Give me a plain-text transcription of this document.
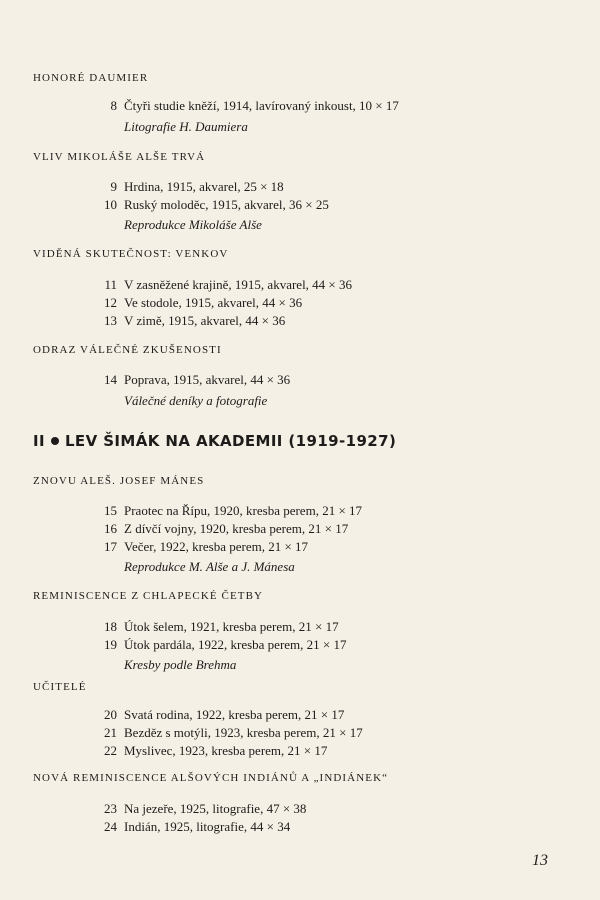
HONORÉ DAUMIER
8 Čtyři studie kněží, 1914, lavírovaný inkoust, 10 × 17
Litografie H. Daumiera
VLIV MIKOLÁŠE ALŠE TRVÁ
9 Hrdina, 1915, akvarel, 25 × 18
10 Ruský moloděc, 1915, akvarel, 36 × 25
Reprodukce Mikoláše Alše
VIDĚNÁ SKUTEČNOST: VENKOV
11 V zasněžené krajině, 1915, akvarel, 44 × 36
12 Ve stodole, 1915, akvarel, 44 × 36
13 V zimě, 1915, akvarel, 44 × 36
ODRAZ VÁLEČNÉ ZKUŠENOSTI
14 Poprava, 1915, akvarel, 44 × 36
Válečné deníky a fotografie
II LEV ŠIMÁK NA AKADEMII (1919-1927)
ZNOVU ALEŠ. JOSEF MÁNES
15 Praotec na Řípu, 1920, kresba perem, 21 × 17
16 Z dívčí vojny, 1920, kresba perem, 21 × 17
17 Večer, 1922, kresba perem, 21 × 17
Reprodukce M. Alše a J. Mánesa
REMINISCENCE Z CHLAPECKÉ ČETBY
18 Útok šelem, 1921, kresba perem, 21 × 17
19 Útok pardála, 1922, kresba perem, 21 × 17
Kresby podle Brehma
UČITELÉ
20 Svatá rodina, 1922, kresba perem, 21 × 17
21 Bezděz s motýli, 1923, kresba perem, 21 × 17
22 Myslivec, 1923, kresba perem, 21 × 17
NOVÁ REMINISCENCE ALŠOVÝCH INDIÁNŮ A „INDIÁNEK“
23 Na jezeře, 1925, litografie, 47 × 38
24 Indián, 1925, litografie, 44 × 34
13
